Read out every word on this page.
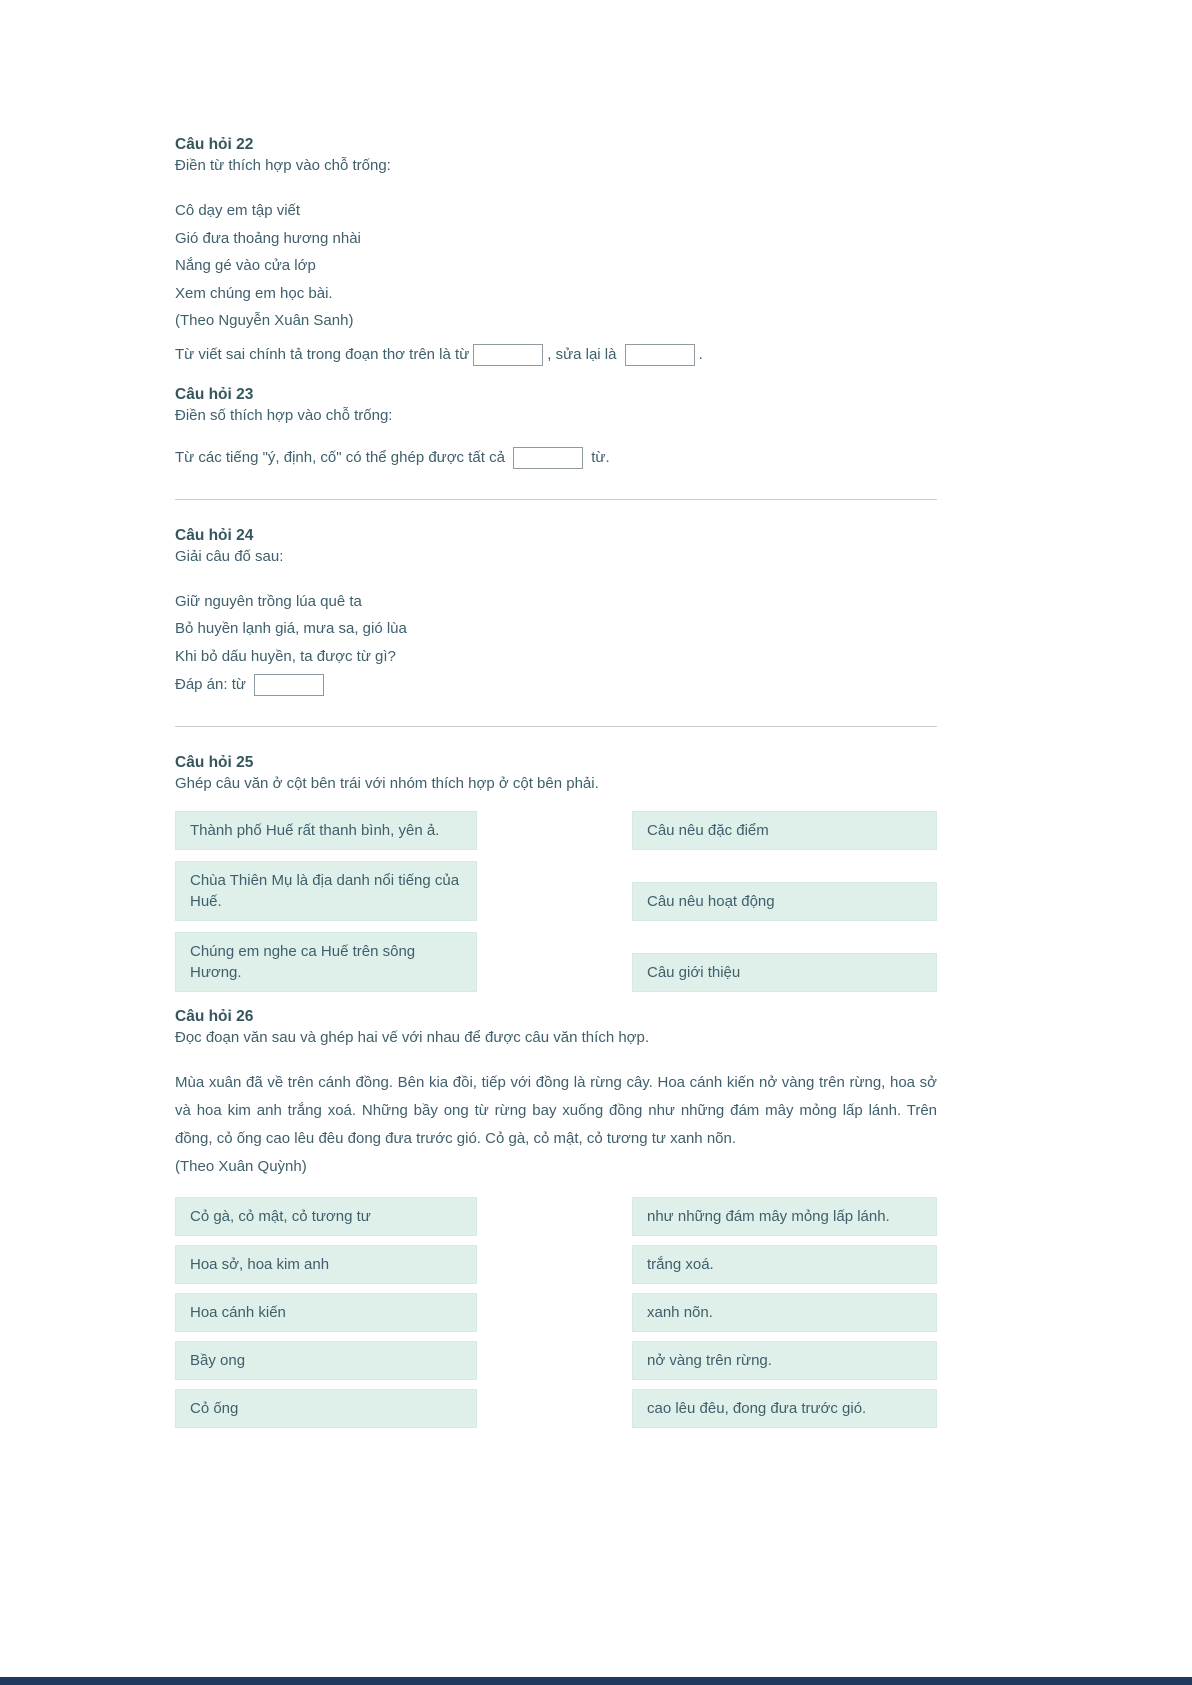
Câu hỏi 22
Điền từ thích hợp vào chỗ trống:
Cô dạy em tập viết
Gió đưa thoảng hương nhài
Nắng gé vào cửa lớp
Xem chúng em học bài.
(Theo Nguyễn Xuân Sanh)
Từ viết sai chính tả trong đoạn thơ trên là từ	, sửa lại là	.
Câu hỏi 23
Điền số thích hợp vào chỗ trống:
Từ các tiếng "ý, định, cố" có thể ghép được tất cả	từ.
Câu hỏi 24
Giải câu đố sau:
Giữ nguyên trồng lúa quê ta
Bỏ huyền lạnh giá, mưa sa, gió lùa
Khi bỏ dấu huyền, ta được từ gì?
Đáp án: từ
Câu hỏi 25
Ghép câu văn ở cột bên trái với nhóm thích hợp ở cột bên phải.
Thành phố Huế rất thanh bình, yên ả.
Chùa Thiên Mụ là địa danh nổi tiếng của Huế.
Chúng em nghe ca Huế trên sông Hương.
Câu nêu đặc điểm
Câu nêu hoạt động
Câu giới thiệu
Câu hỏi 26
Đọc đoạn văn sau và ghép hai vế với nhau để được câu văn thích hợp.
Mùa xuân đã về trên cánh đồng. Bên kia đồi, tiếp với đồng là rừng cây. Hoa cánh kiến nở vàng trên rừng, hoa sở và hoa kim anh trắng xoá. Những bầy ong từ rừng bay xuống đồng như những đám mây mỏng lấp lánh. Trên đồng, cỏ ống cao lêu đêu đong đưa trước gió. Cỏ gà, cỏ mật, cỏ tương tư xanh nõn.
(Theo Xuân Quỳnh)
Cỏ gà, cỏ mật, cỏ tương tư
Hoa sở, hoa kim anh
Hoa cánh kiến
Bầy ong
Cỏ ống
như những đám mây mỏng lấp lánh.
trắng xoá.
xanh nõn.
nở vàng trên rừng.
cao lêu đêu, đong đưa trước gió.
